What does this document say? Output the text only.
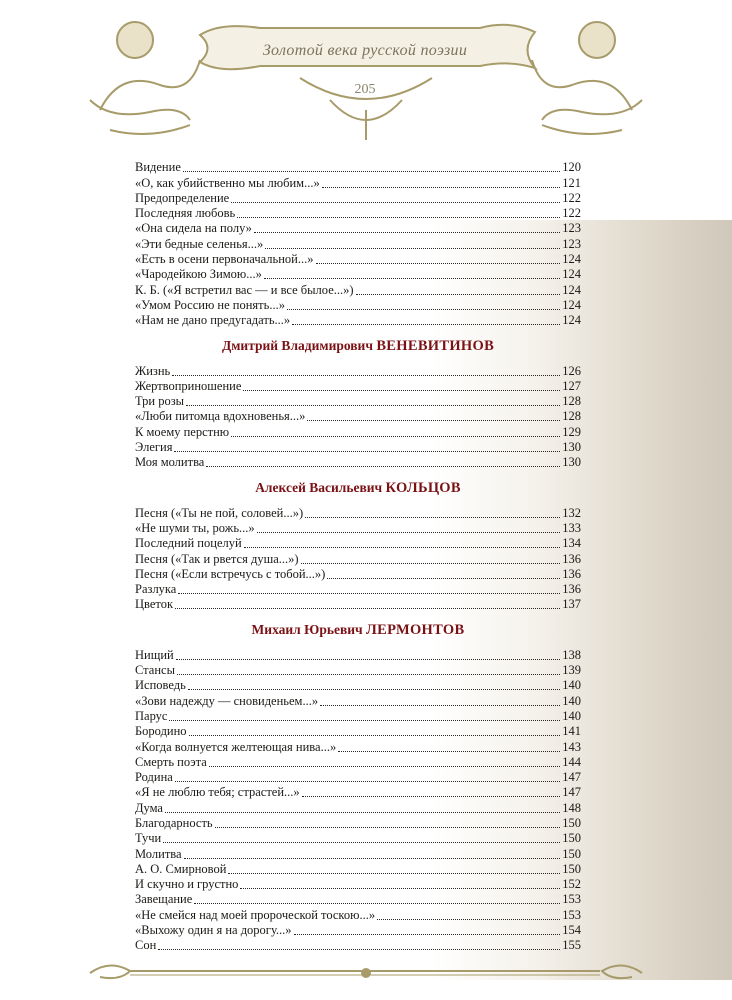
Золотой века русской поэзии
205
Видение	120
«О, как убийственно мы любим...»	121
Предопределение	122
Последняя любовь	122
«Она сидела на полу»	123
«Эти бедные селенья...»	123
«Есть в осени первоначальной...»	124
«Чародейкою Зимою...»	124
К. Б. («Я встретил вас — и все былое...»)	124
«Умом Россию не понять...»	124
«Нам не дано предугадать...»	124
Дмитрий Владимирович ВЕНЕВИТИНОВ
Жизнь	126
Жертвоприношение	127
Три розы	128
«Люби питомца вдохновенья...»	128
К моему перстню	129
Элегия	130
Моя молитва	130
Алексей Васильевич КОЛЬЦОВ
Песня («Ты не пой, соловей...»)	132
«Не шуми ты, рожь...»	133
Последний поцелуй	134
Песня («Так и рвется душа...»)	136
Песня («Если встречусь с тобой...»)	136
Разлука	136
Цветок	137
Михаил Юрьевич ЛЕРМОНТОВ
Нищий	138
Стансы	139
Исповедь	140
«Зови надежду — сновиденьем...»	140
Парус	140
Бородино	141
«Когда волнуется желтеющая нива...»	143
Смерть поэта	144
Родина	147
«Я не люблю тебя; страстей...»	147
Дума	148
Благодарность	150
Тучи	150
Молитва	150
А. О. Смирновой	150
И скучно и грустно	152
Завещание	153
«Не смейся над моей пророческой тоскою...»	153
«Выхожу один я на дорогу...»	154
Сон	155
